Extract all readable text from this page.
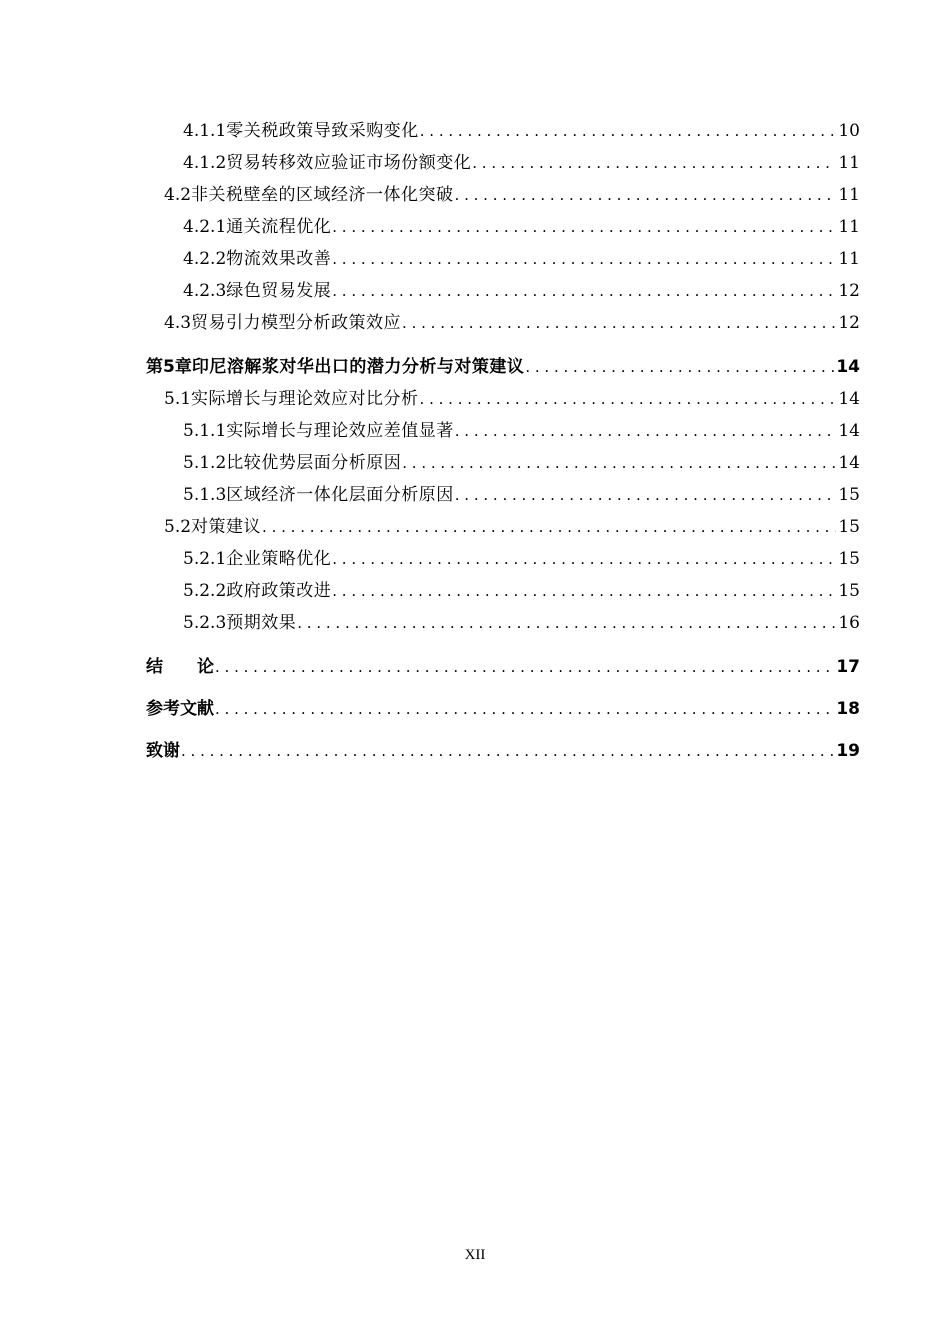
4.1.1 零关税政策导致采购变化 . . .	10
4.1.2 贸易转移效应验证市场份额变化 . . .	11
4.2 非关税壁垒的区域经济一体化突破 . . .	11
4.2.1 通关流程优化 . . .	11
4.2.2 物流效果改善 . . .	11
4.2.3 绿色贸易发展 . . .	12
4.3 贸易引力模型分析政策效应 . . .	12
第5章 印尼溶解浆对华出口的潜力分析与对策建议 . . .	14
5.1 实际增长与理论效应对比分析 . . .	14
5.1.1 实际增长与理论效应差值显著 . . .	14
5.1.2 比较优势层面分析原因 . . .	14
5.1.3 区域经济一体化层面分析原因 . . .	15
5.2 对策建议 . . .	15
5.2.1 企业策略优化 . . .	15
5.2.2 政府政策改进 . . .	15
5.2.3 预期效果 . . .	16
结　　论 . . .	17
参考文献 . . .	18
致谢 . . .	19
XII
